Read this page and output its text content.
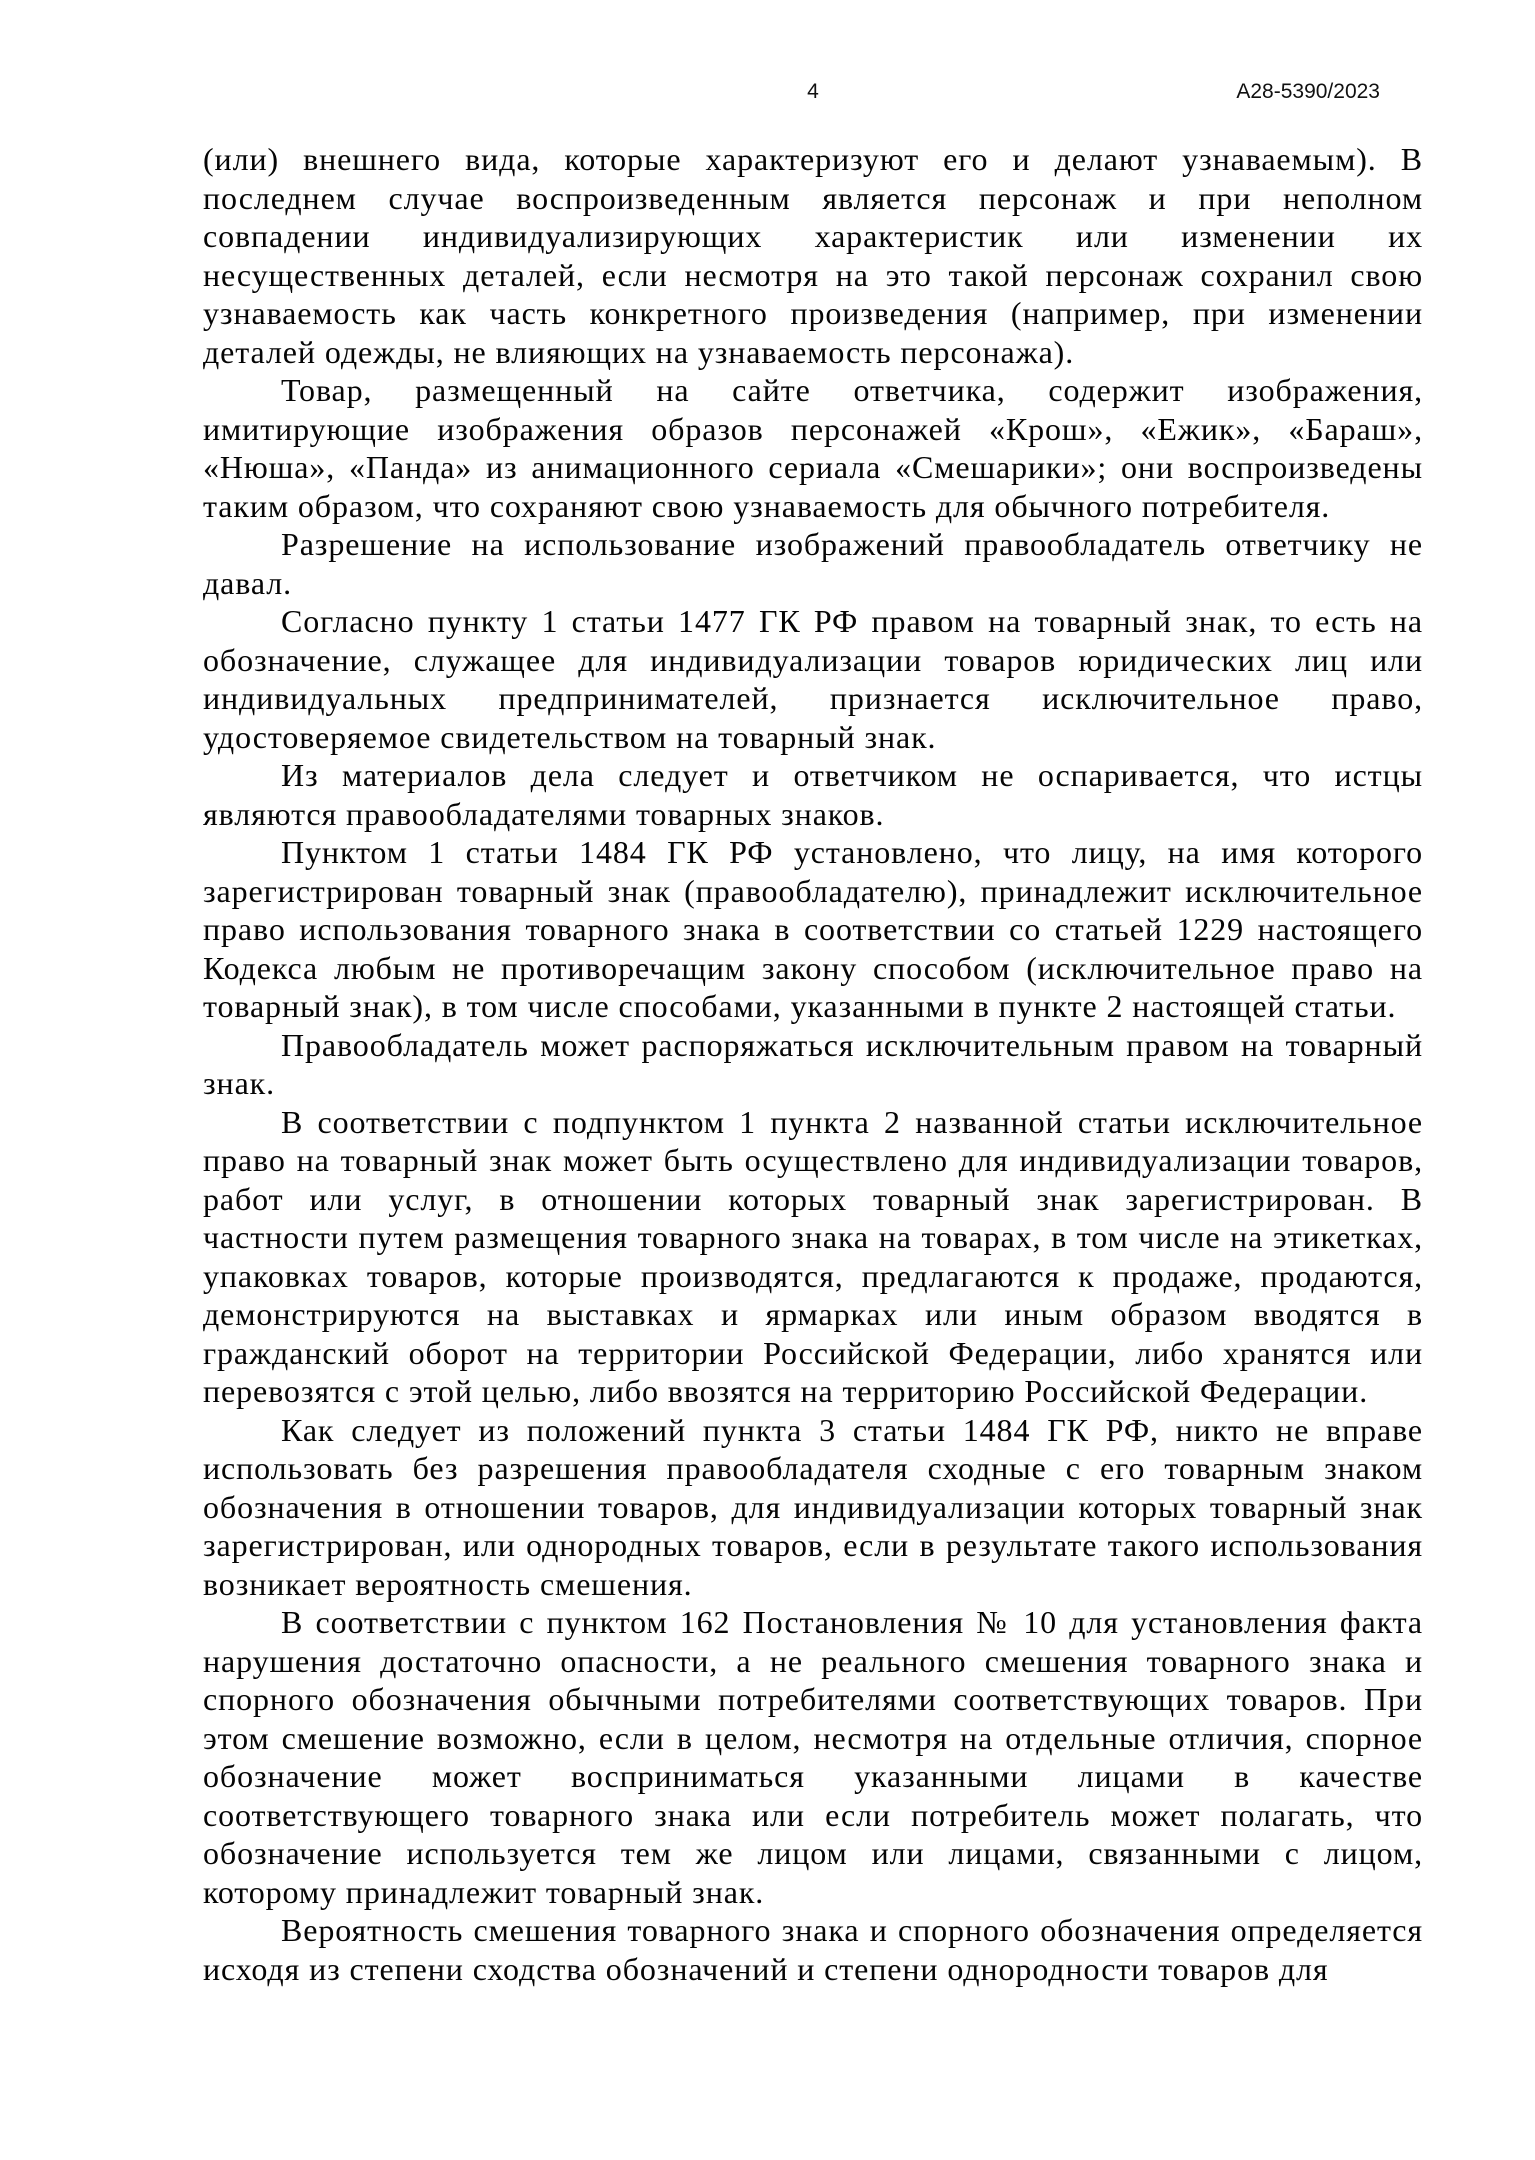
4	А28-5390/2023

(или) внешнего вида, которые характеризуют его и делают узнаваемым). В последнем случае воспроизведенным является персонаж и при неполном совпадении индивидуализирующих характеристик или изменении их несущественных деталей, если несмотря на это такой персонаж сохранил свою узнаваемость как часть конкретного произведения (например, при изменении деталей одежды, не влияющих на узнаваемость персонажа).

Товар, размещенный на сайте ответчика, содержит изображения, имитирующие изображения образов персонажей «Крош», «Ежик», «Бараш», «Нюша», «Панда» из анимационного сериала «Смешарики»; они воспроизведены таким образом, что сохраняют свою узнаваемость для обычного потребителя.

Разрешение на использование изображений правообладатель ответчику не давал.

Согласно пункту 1 статьи 1477 ГК РФ правом на товарный знак, то есть на обозначение, служащее для индивидуализации товаров юридических лиц или индивидуальных предпринимателей, признается исключительное право, удостоверяемое свидетельством на товарный знак.

Из материалов дела следует и ответчиком не оспаривается, что истцы являются правообладателями товарных знаков.

Пунктом 1 статьи 1484 ГК РФ установлено, что лицу, на имя которого зарегистрирован товарный знак (правообладателю), принадлежит исключительное право использования товарного знака в соответствии со статьей 1229 настоящего Кодекса любым не противоречащим закону способом (исключительное право на товарный знак), в том числе способами, указанными в пункте 2 настоящей статьи.

Правообладатель может распоряжаться исключительным правом на товарный знак.

В соответствии с подпунктом 1 пункта 2 названной статьи исключительное право на товарный знак может быть осуществлено для индивидуализации товаров, работ или услуг, в отношении которых товарный знак зарегистрирован. В частности путем размещения товарного знака на товарах, в том числе на этикетках, упаковках товаров, которые производятся, предлагаются к продаже, продаются, демонстрируются на выставках и ярмарках или иным образом вводятся в гражданский оборот на территории Российской Федерации, либо хранятся или перевозятся с этой целью, либо ввозятся на территорию Российской Федерации.

Как следует из положений пункта 3 статьи 1484 ГК РФ, никто не вправе использовать без разрешения правообладателя сходные с его товарным знаком обозначения в отношении товаров, для индивидуализации которых товарный знак зарегистрирован, или однородных товаров, если в результате такого использования возникает вероятность смешения.

В соответствии с пунктом 162 Постановления № 10 для установления факта нарушения достаточно опасности, а не реального смешения товарного знака и спорного обозначения обычными потребителями соответствующих товаров. При этом смешение возможно, если в целом, несмотря на отдельные отличия, спорное обозначение может восприниматься указанными лицами в качестве соответствующего товарного знака или если потребитель может полагать, что обозначение используется тем же лицом или лицами, связанными с лицом, которому принадлежит товарный знак.

Вероятность смешения товарного знака и спорного обозначения определяется исходя из степени сходства обозначений и степени однородности товаров для
